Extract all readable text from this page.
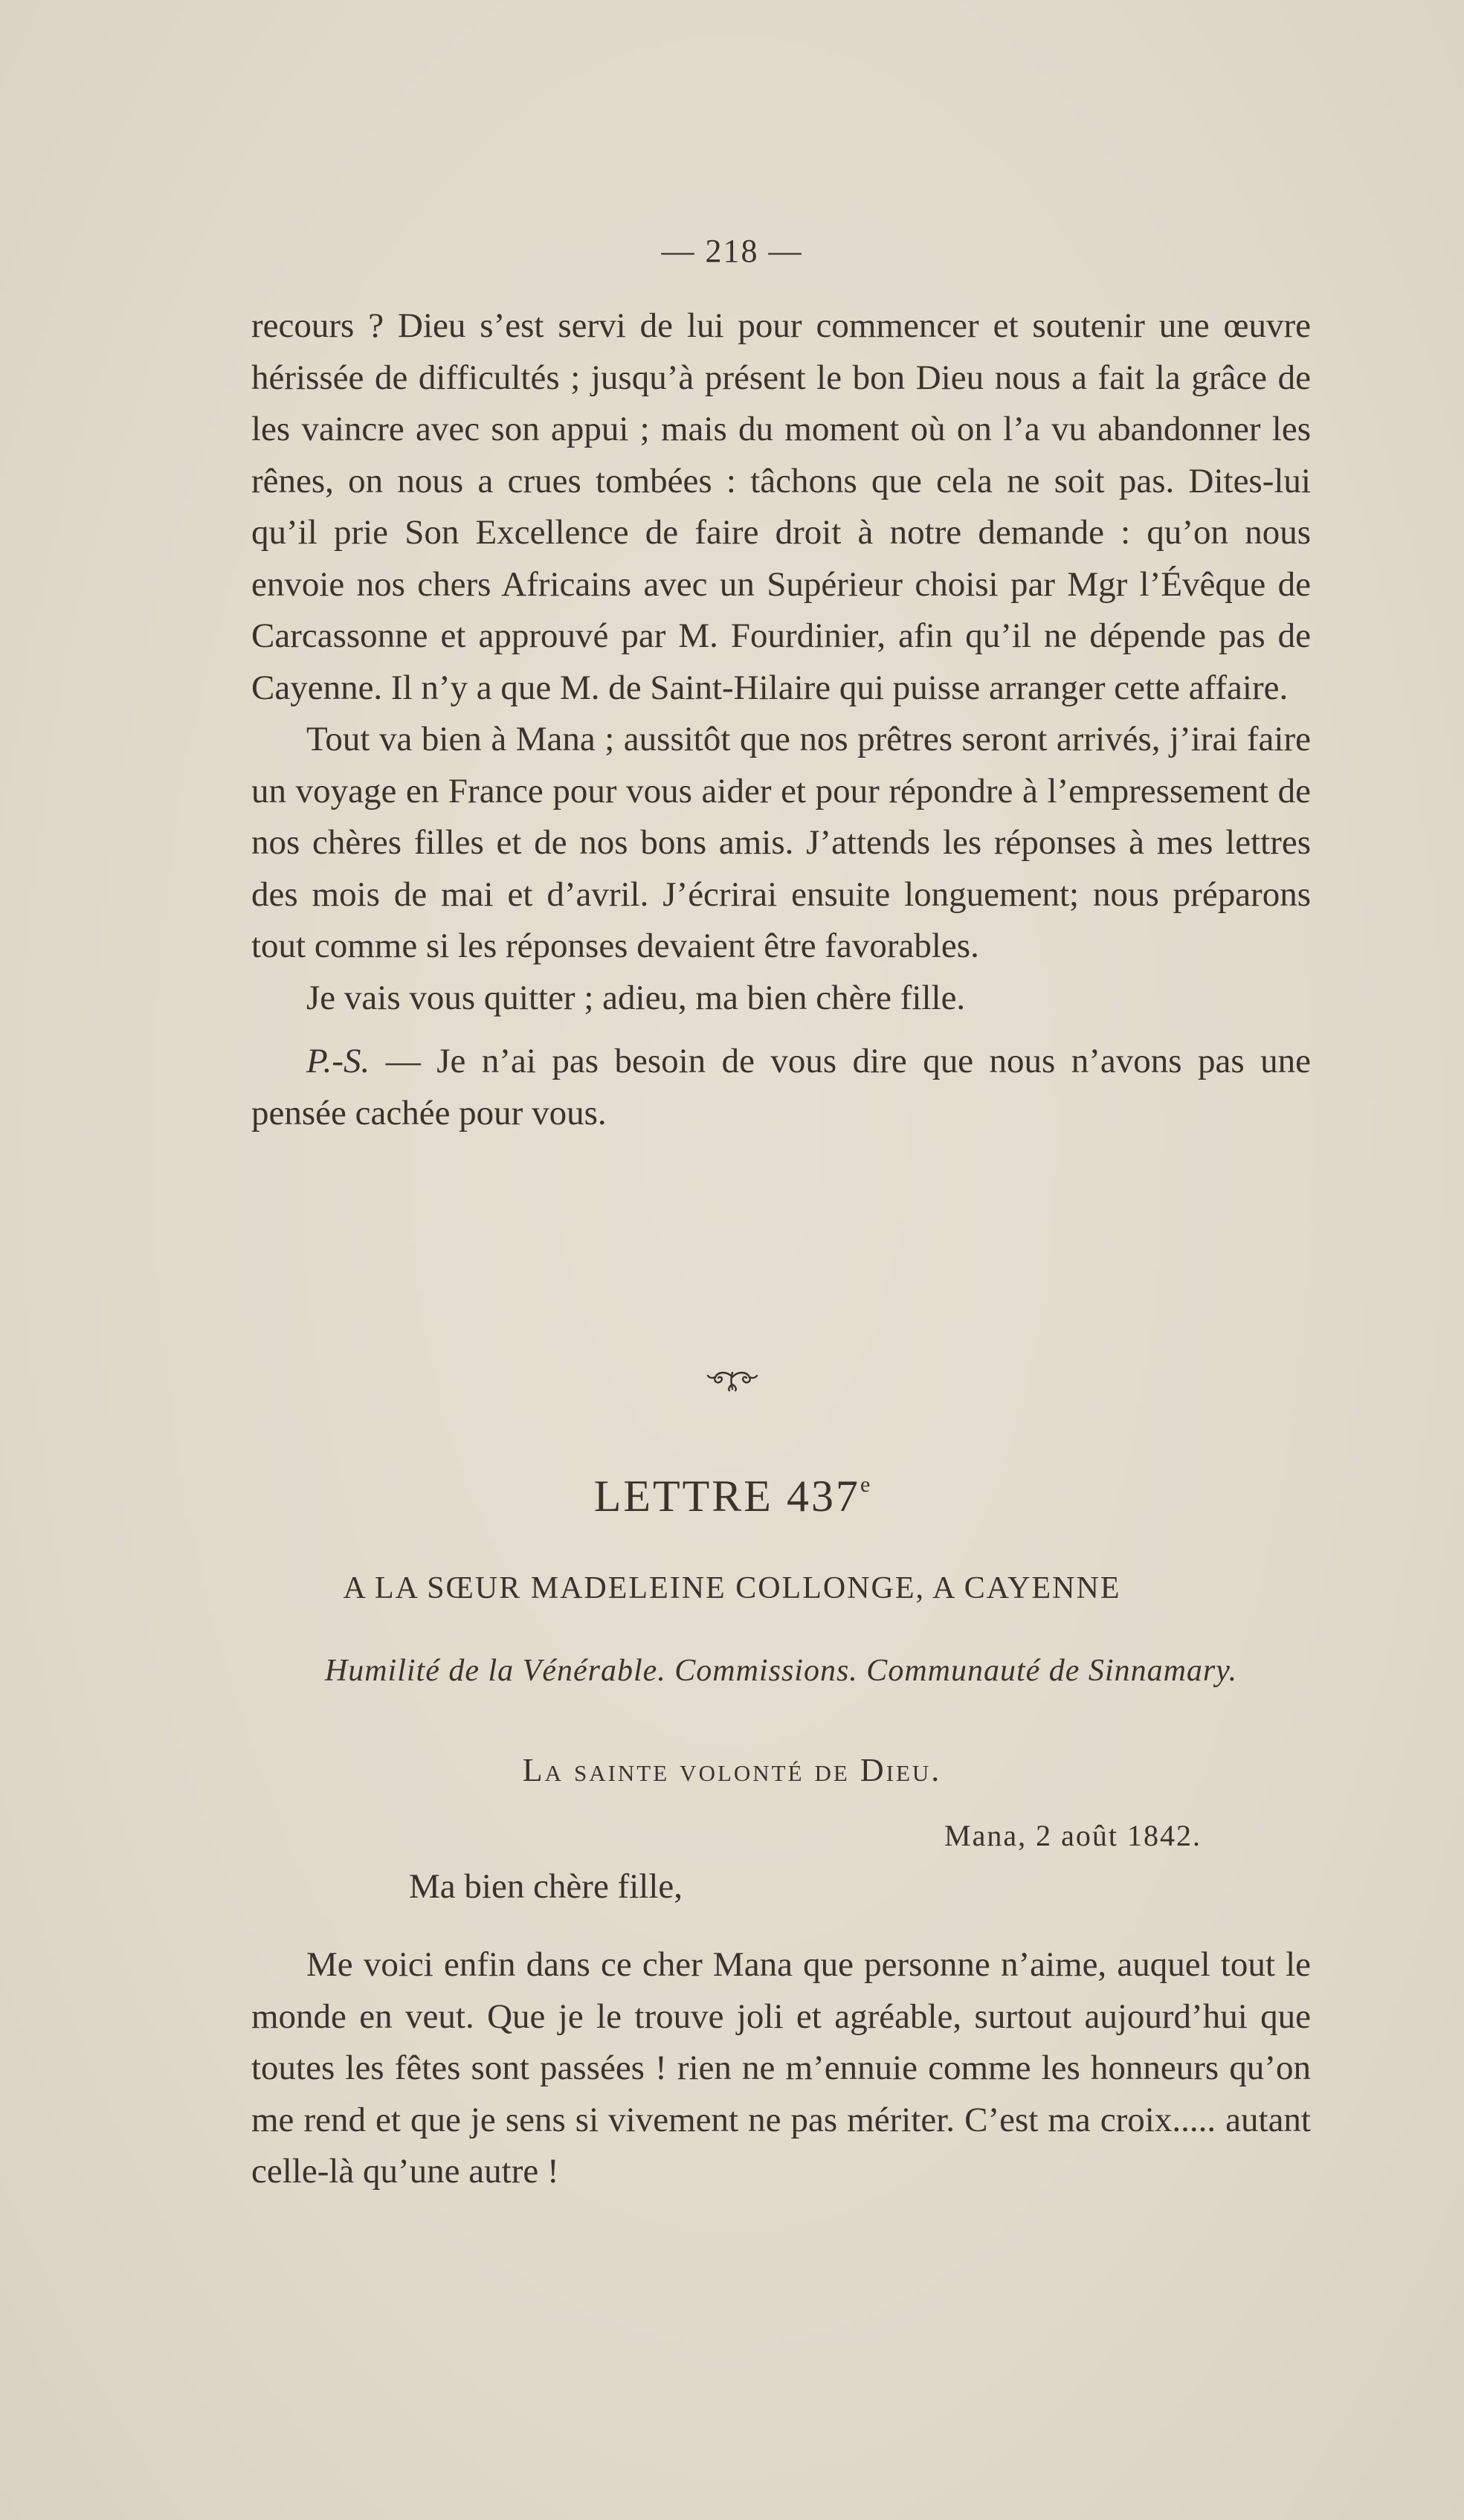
— 218 —

recours ? Dieu s’est servi de lui pour commencer et soutenir une œuvre hérissée de difficultés ; jusqu’à présent le bon Dieu nous a fait la grâce de les vaincre avec son appui ; mais du moment où on l’a vu abandonner les rênes, on nous a crues tombées : tâchons que cela ne soit pas. Dites-lui qu’il prie Son Excellence de faire droit à notre demande : qu’on nous envoie nos chers Africains avec un Supérieur choisi par Mgr l’Évêque de Carcassonne et approuvé par M. Fourdinier, afin qu’il ne dépende pas de Cayenne. Il n’y a que M. de Saint-Hilaire qui puisse arranger cette affaire.

Tout va bien à Mana ; aussitôt que nos prêtres seront arrivés, j’irai faire un voyage en France pour vous aider et pour répondre à l’empressement de nos chères filles et de nos bons amis. J’attends les réponses à mes lettres des mois de mai et d’avril. J’écrirai ensuite longuement; nous préparons tout comme si les réponses devaient être favorables.

Je vais vous quitter ; adieu, ma bien chère fille.

P.-S. — Je n’ai pas besoin de vous dire que nous n’avons pas une pensée cachée pour vous.

LETTRE 437e
A LA SŒUR MADELEINE COLLONGE, A CAYENNE
Humilité de la Vénérable. Commissions. Communauté de Sinnamary.
La sainte volonté de Dieu.
Mana, 2 août 1842.
Ma bien chère fille,

Me voici enfin dans ce cher Mana que personne n’aime, auquel tout le monde en veut. Que je le trouve joli et agréable, surtout aujourd’hui que toutes les fêtes sont passées ! rien ne m’ennuie comme les honneurs qu’on me rend et que je sens si vivement ne pas mériter. C’est ma croix..... autant celle-là qu’une autre !
